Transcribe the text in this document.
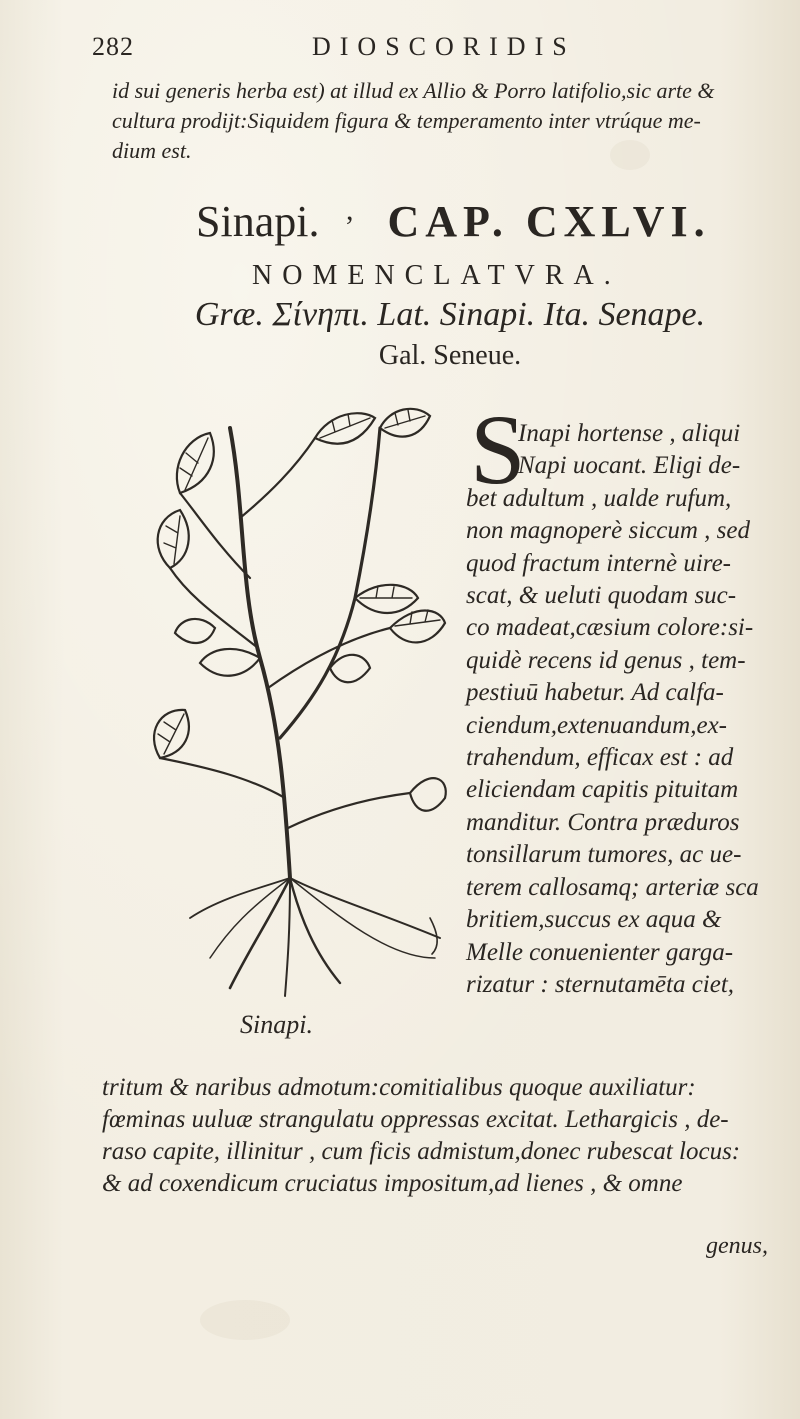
282	DIOSCORIDIS
id sui generis herba est) at illud ex Allio & Porro latifolio,sic arte &
cultura prodijt:Siquidem figura & temperamento inter vtrúque me-
dium est.
Sinapi. ’ CAP. CXLVI.
NOMENCLATVRA.
Græ. Σίνηπι. Lat. Sinapi. Ita. Senape.
Gal. Seneue.
Sinapi.
S
Inapi hortense , aliqui
Napi uocant. Eligi de-
bet adultum , ualde rufum,
non magnoperè siccum , sed
quod fractum internè uire-
scat, & ueluti quodam suc-
co madeat,cæsium colore:si-
quidè recens id genus , tem-
pestiuū habetur. Ad calfa-
ciendum,extenuandum,ex-
trahendum, efficax est : ad
eliciendam capitis pituitam
manditur. Contra præduros
tonsillarum tumores, ac ue-
terem callosamq; arteriæ sca
britiem,succus ex aqua &
Melle conuenienter garga-
rizatur : sternutamēta ciet,
tritum & naribus admotum:comitialibus quoque auxiliatur:
fœminas uuluæ strangulatu oppressas excitat. Lethargicis , de-
raso capite, illinitur , cum ficis admistum,donec rubescat locus:
& ad coxendicum cruciatus impositum,ad lienes , & omne
genus,
